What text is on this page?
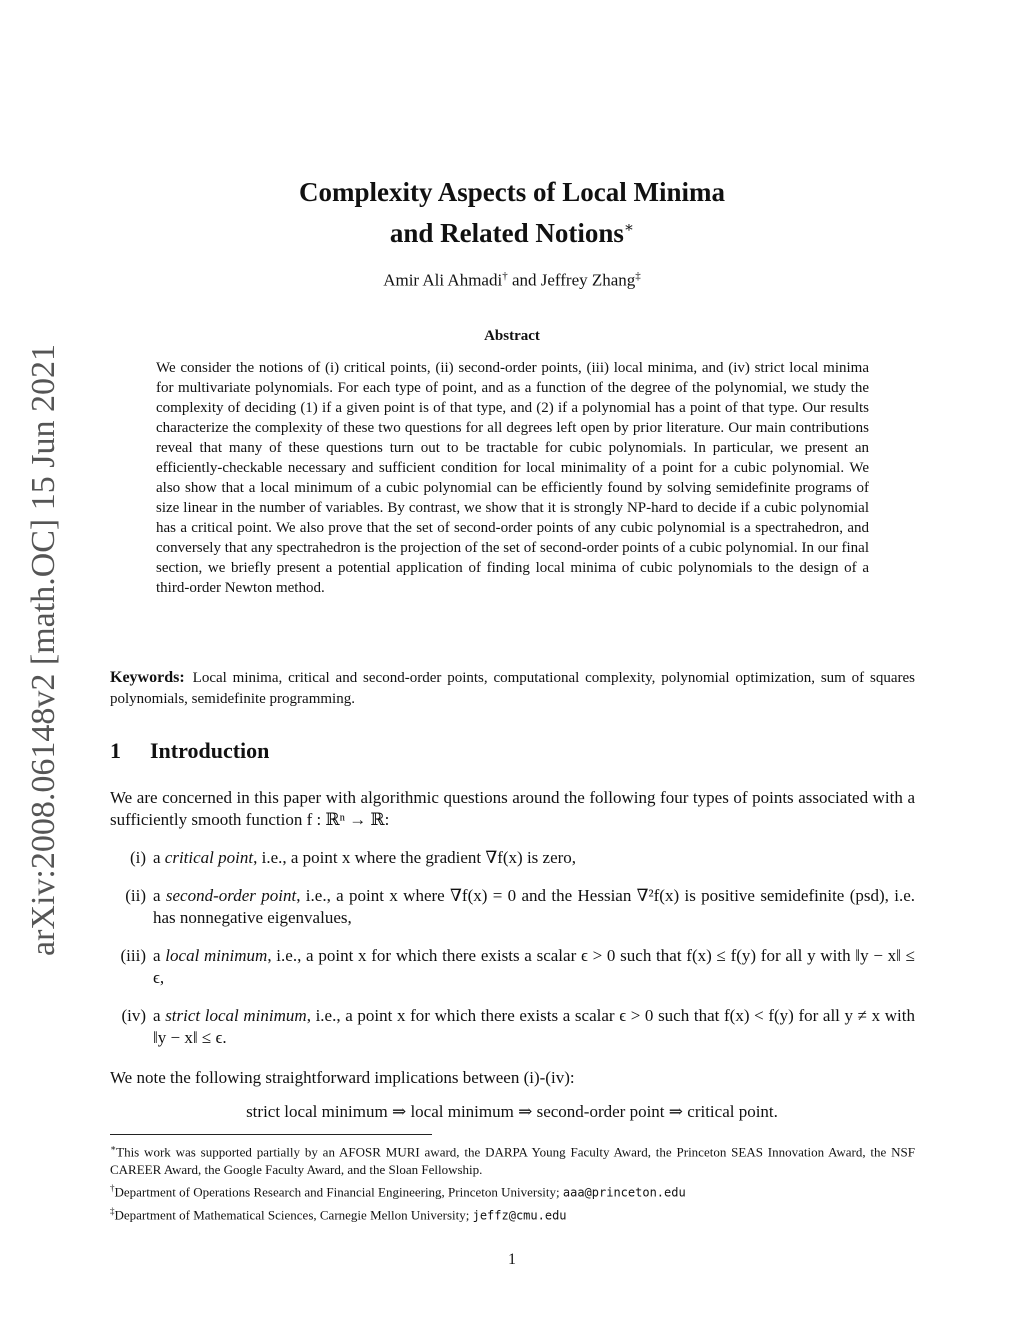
arXiv:2008.06148v2 [math.OC] 15 Jun 2021
Complexity Aspects of Local Minima
and Related Notions∗
Amir Ali Ahmadi† and Jeffrey Zhang‡
Abstract

We consider the notions of (i) critical points, (ii) second-order points, (iii) local minima, and (iv) strict local minima for multivariate polynomials. For each type of point, and as a function of the degree of the polynomial, we study the complexity of deciding (1) if a given point is of that type, and (2) if a polynomial has a point of that type. Our results characterize the complexity of these two questions for all degrees left open by prior literature. Our main contributions reveal that many of these questions turn out to be tractable for cubic polynomials. In particular, we present an efficiently-checkable necessary and sufficient condition for local minimality of a point for a cubic polynomial. We also show that a local minimum of a cubic polynomial can be efficiently found by solving semidefinite programs of size linear in the number of variables. By contrast, we show that it is strongly NP-hard to decide if a cubic polynomial has a critical point. We also prove that the set of second-order points of any cubic polynomial is a spectrahedron, and conversely that any spectrahedron is the projection of the set of second-order points of a cubic polynomial. In our final section, we briefly present a potential application of finding local minima of cubic polynomials to the design of a third-order Newton method.

Keywords: Local minima, critical and second-order points, computational complexity, polynomial optimization, sum of squares polynomials, semidefinite programming.

1 Introduction

We are concerned in this paper with algorithmic questions around the following four types of points associated with a sufficiently smooth function f : ℝⁿ → ℝ:

(i) a critical point, i.e., a point x where the gradient ∇f(x) is zero,
(ii) a second-order point, i.e., a point x where ∇f(x) = 0 and the Hessian ∇²f(x) is positive semidefinite (psd), i.e. has nonnegative eigenvalues,
(iii) a local minimum, i.e., a point x for which there exists a scalar ϵ > 0 such that f(x) ≤ f(y) for all y with ‖y − x‖ ≤ ϵ,
(iv) a strict local minimum, i.e., a point x for which there exists a scalar ϵ > 0 such that f(x) < f(y) for all y ≠ x with ‖y − x‖ ≤ ϵ.

We note the following straightforward implications between (i)-(iv):

strict local minimum ⇒ local minimum ⇒ second-order point ⇒ critical point.

∗This work was supported partially by an AFOSR MURI award, the DARPA Young Faculty Award, the Princeton SEAS Innovation Award, the NSF CAREER Award, the Google Faculty Award, and the Sloan Fellowship.

†Department of Operations Research and Financial Engineering, Princeton University; aaa@princeton.edu

‡Department of Mathematical Sciences, Carnegie Mellon University; jeffz@cmu.edu

1
